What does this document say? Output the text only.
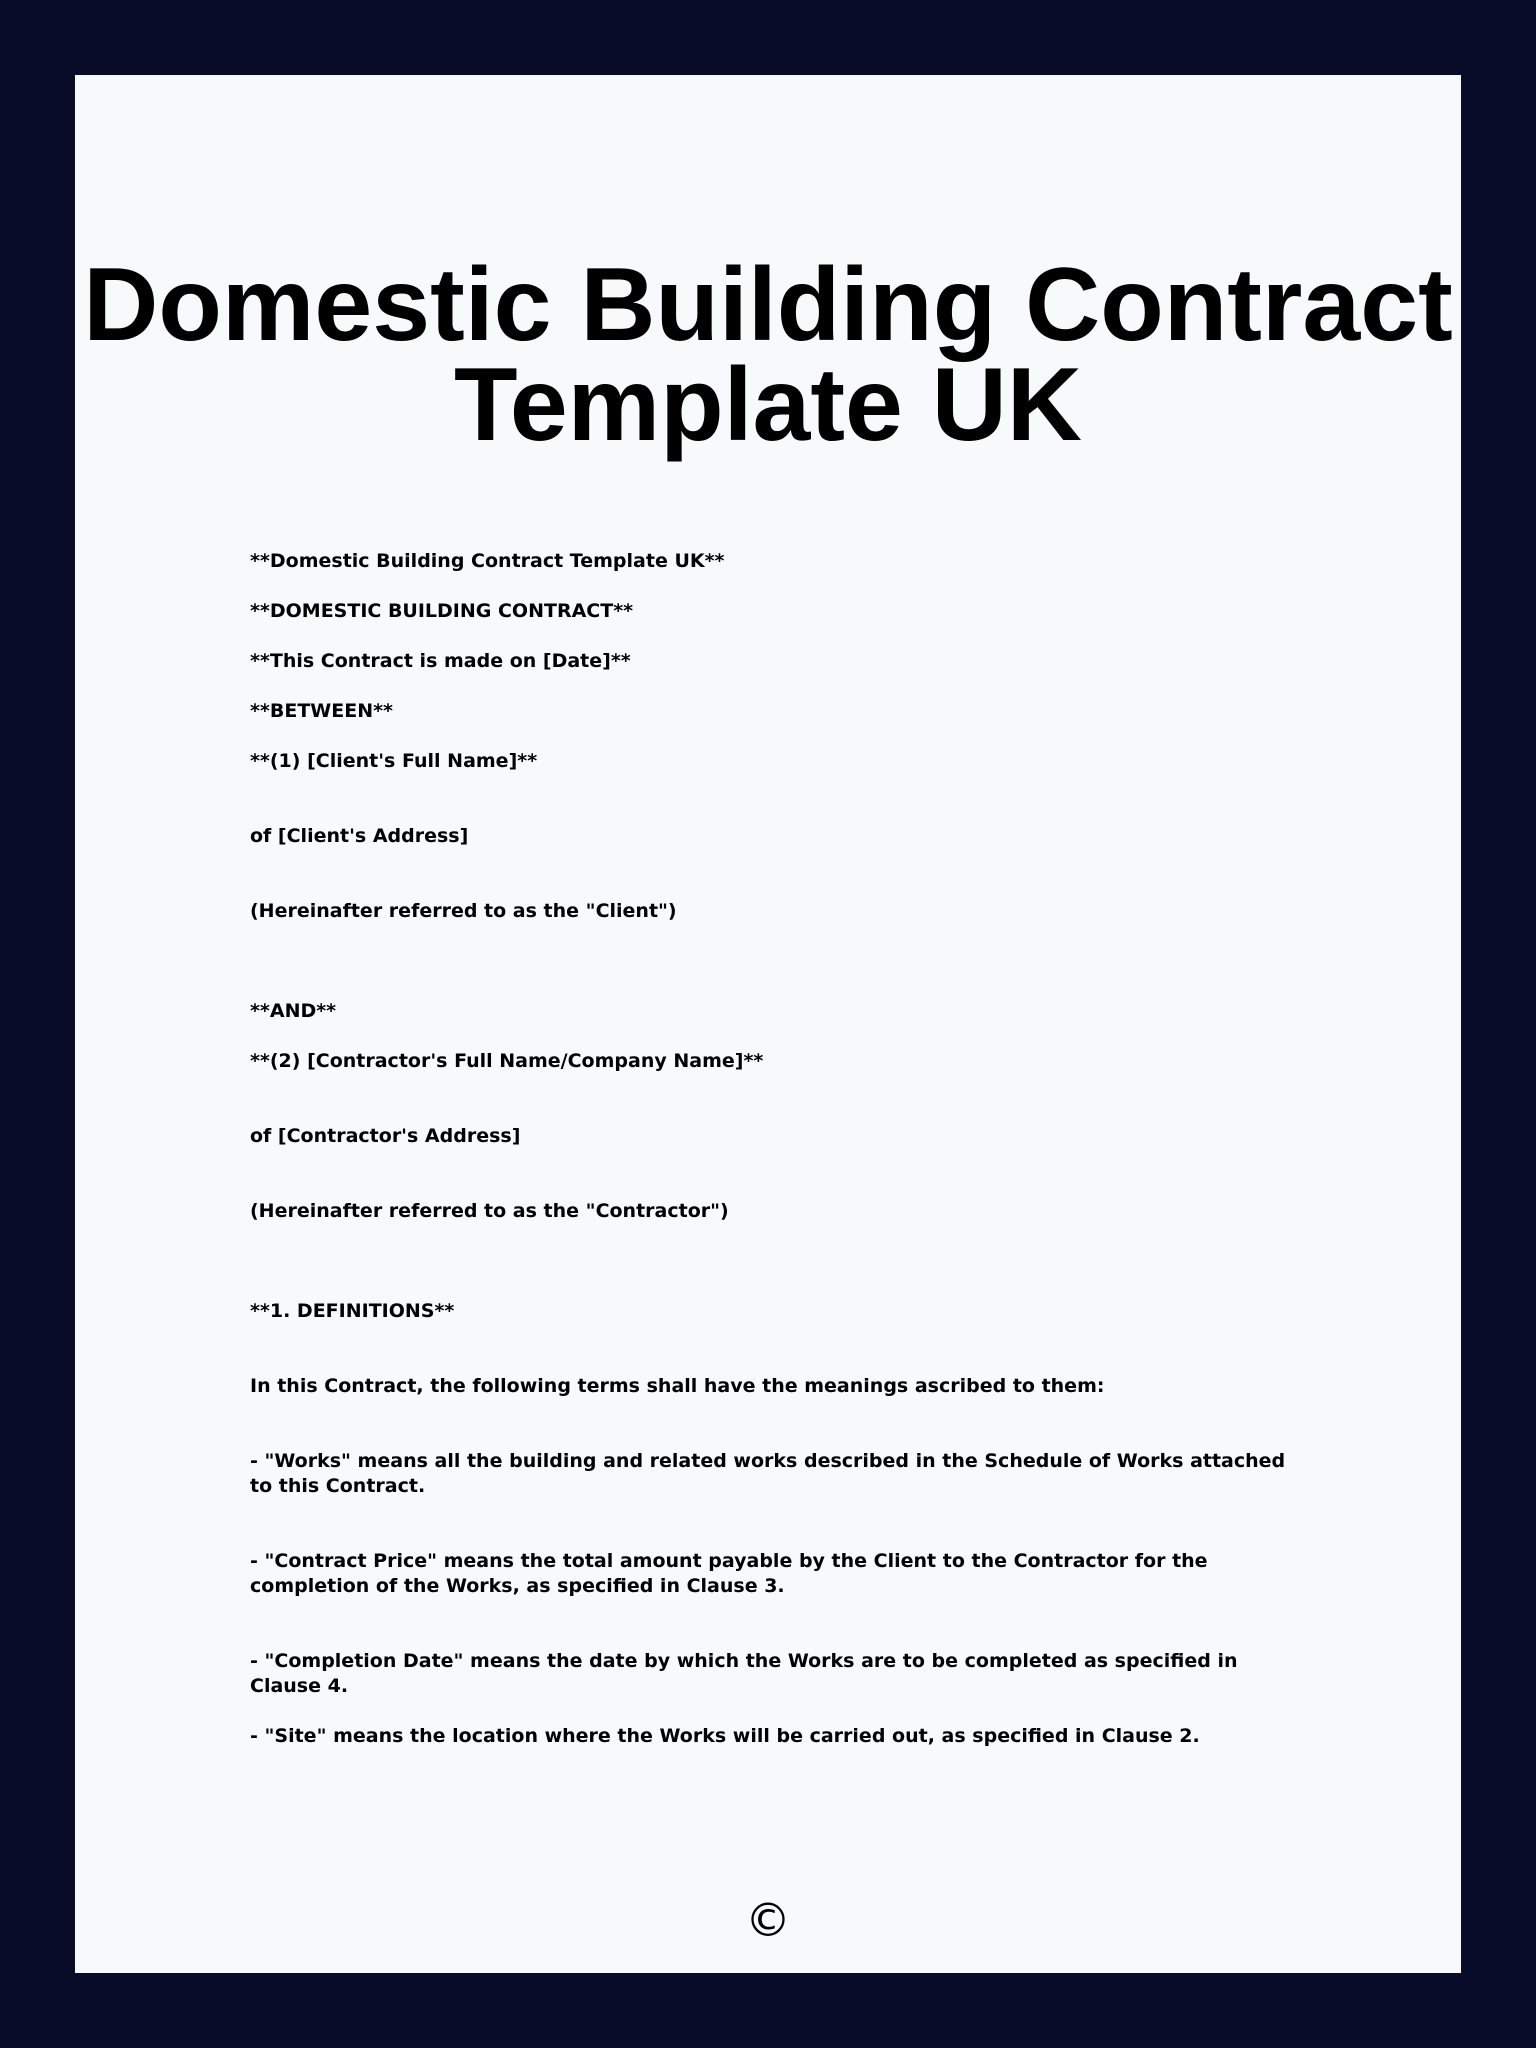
Domestic Building Contract Template UK

**Domestic Building Contract Template UK**

**DOMESTIC BUILDING CONTRACT**

**This Contract is made on [Date]**

**BETWEEN**

**(1) [Client's Full Name]**

of [Client's Address]

(Hereinafter referred to as the "Client")

**AND**

**(2) [Contractor's Full Name/Company Name]**

of [Contractor's Address]

(Hereinafter referred to as the "Contractor")

**1. DEFINITIONS**

In this Contract, the following terms shall have the meanings ascribed to them:

- "Works" means all the building and related works described in the Schedule of Works attached to this Contract.

- "Contract Price" means the total amount payable by the Client to the Contractor for the completion of the Works, as specified in Clause 3.

- "Completion Date" means the date by which the Works are to be completed as specified in Clause 4.

- "Site" means the location where the Works will be carried out, as specified in Clause 2.

©
